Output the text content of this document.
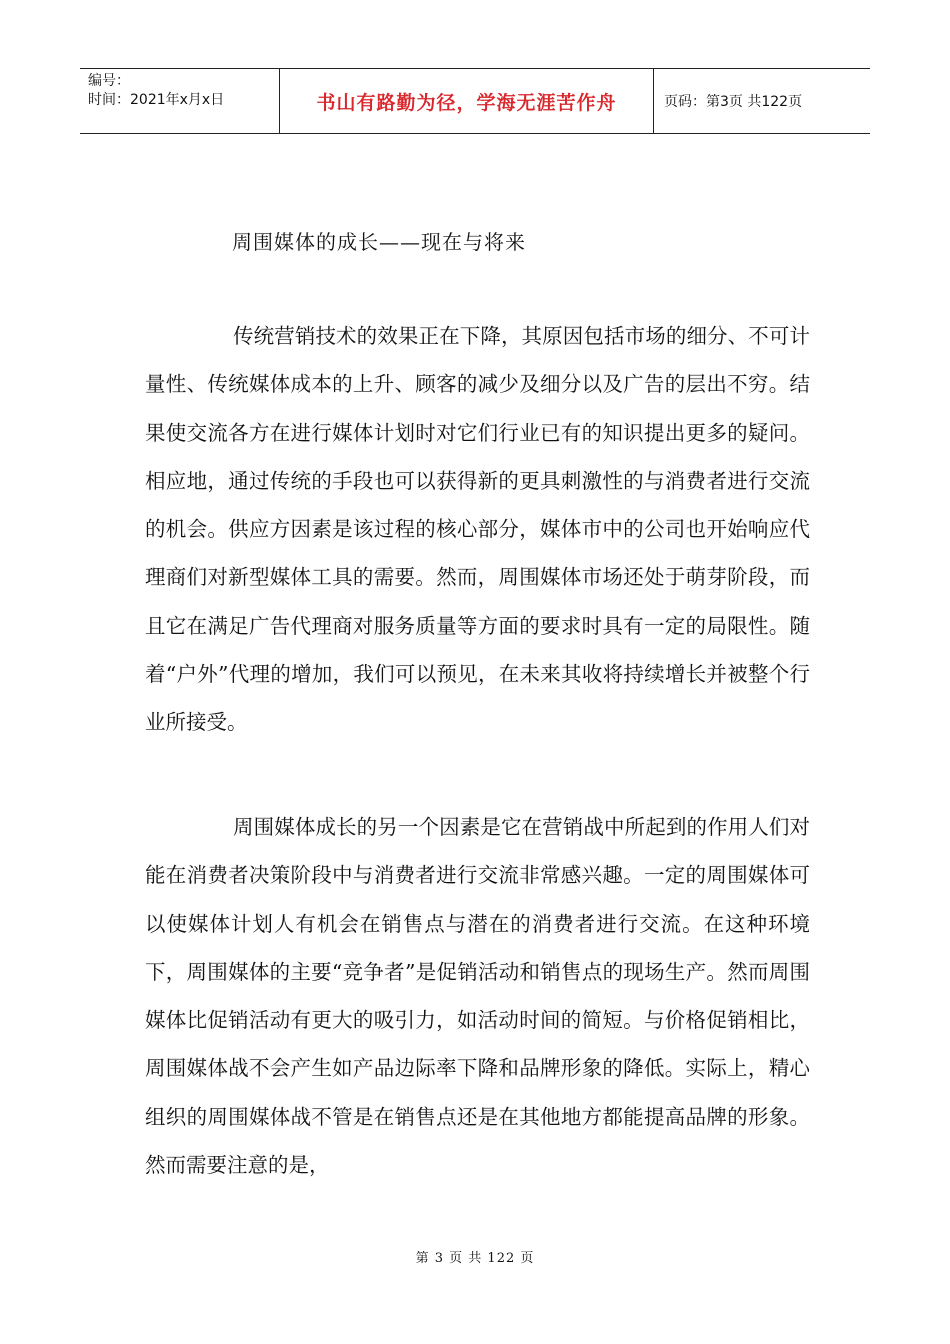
编号：
时间：2021年x月x日	书山有路勤为径，学海无涯苦作舟	页码：第3页 共122页
周围媒体的成长——现在与将来

传统营销技术的效果正在下降，其原因包括市场的细分、不可计量性、传统媒体成本的上升、顾客的减少及细分以及广告的层出不穷。结果使交流各方在进行媒体计划时对它们行业已有的知识提出更多的疑问。相应地，通过传统的手段也可以获得新的更具刺激性的与消费者进行交流的机会。供应方因素是该过程的核心部分，媒体市中的公司也开始响应代理商们对新型媒体工具的需要。然而，周围媒体市场还处于萌芽阶段，而且它在满足广告代理商对服务质量等方面的要求时具有一定的局限性。随着“户外”代理的增加，我们可以预见，在未来其收将持续增长并被整个行业所接受。

周围媒体成长的另一个因素是它在营销战中所起到的作用人们对能在消费者决策阶段中与消费者进行交流非常感兴趣。一定的周围媒体可以使媒体计划人有机会在销售点与潜在的消费者进行交流。在这种环境下，周围媒体的主要“竞争者”是促销活动和销售点的现场生产。然而周围媒体比促销活动有更大的吸引力，如活动时间的简短。与价格促销相比，周围媒体战不会产生如产品边际率下降和品牌形象的降低。实际上，精心组织的周围媒体战不管是在销售点还是在其他地方都能提高品牌的形象。然而需要注意的是，

第 3 页 共 122 页
